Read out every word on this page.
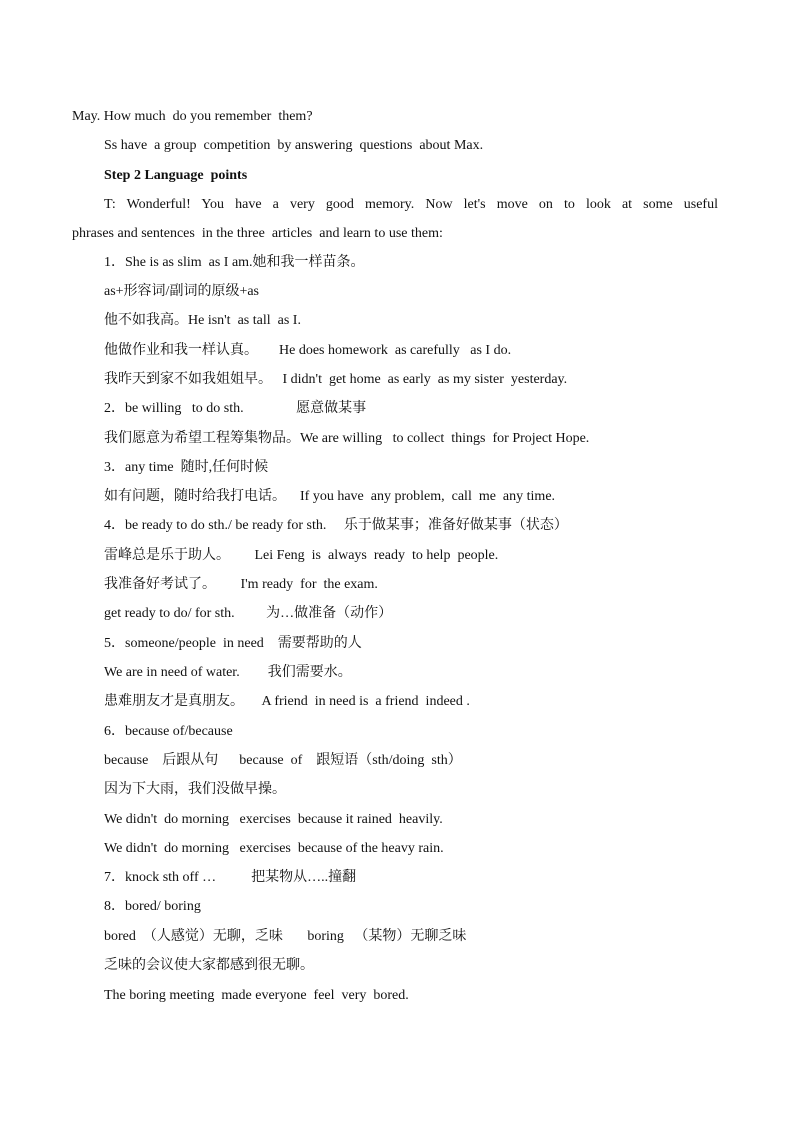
May. How much  do you remember  them?
Ss have  a group  competition  by answering  questions  about Max.
Step 2 Language  points
T: Wonderful! You have a very good memory. Now let's move on to look at some useful
phrases and sentences  in the three  articles  and learn to use them:
1．She is as slim  as I am.她和我一样苗条。
as+形容词/副词的原级+as
他不如我高。He isn't  as tall  as I.
他做作业和我一样认真。      He does homework  as carefully   as I do.
我昨天到家不如我姐姐早。   I didn't  get home  as early  as my sister  yesterday.
2．be willing   to do sth.               愿意做某事
我们愿意为希望工程筹集物品。We are willing   to collect  things  for Project Hope.
3．any time  随时,任何时候
如有问题，随时给我打电话。    If you have  any problem,  call  me  any time.
4．be ready to do sth./ be ready for sth.     乐于做某事；准备好做某事（状态）
雷峰总是乐于助人。       Lei Feng  is  always  ready  to help  people.
我准备好考试了。       I'm ready  for  the exam.
get ready to do/ for sth.         为…做准备（动作）
5．someone/people  in need    需要帮助的人
We are in need of water.        我们需要水。
患难朋友才是真朋友。     A friend  in need is  a friend  indeed .
6．because of/because
because    后跟从句      because  of    跟短语（sth/doing  sth）
因为下大雨，我们没做早操。
We didn't  do morning   exercises  because it rained  heavily.
We didn't  do morning   exercises  because of the heavy rain.
7．knock sth off …          把某物从…..撞翻
8．bored/ boring
bored  （人感觉）无聊，乏味       boring   （某物）无聊乏味
乏味的会议使大家都感到很无聊。
The boring meeting  made everyone  feel  very  bored.
